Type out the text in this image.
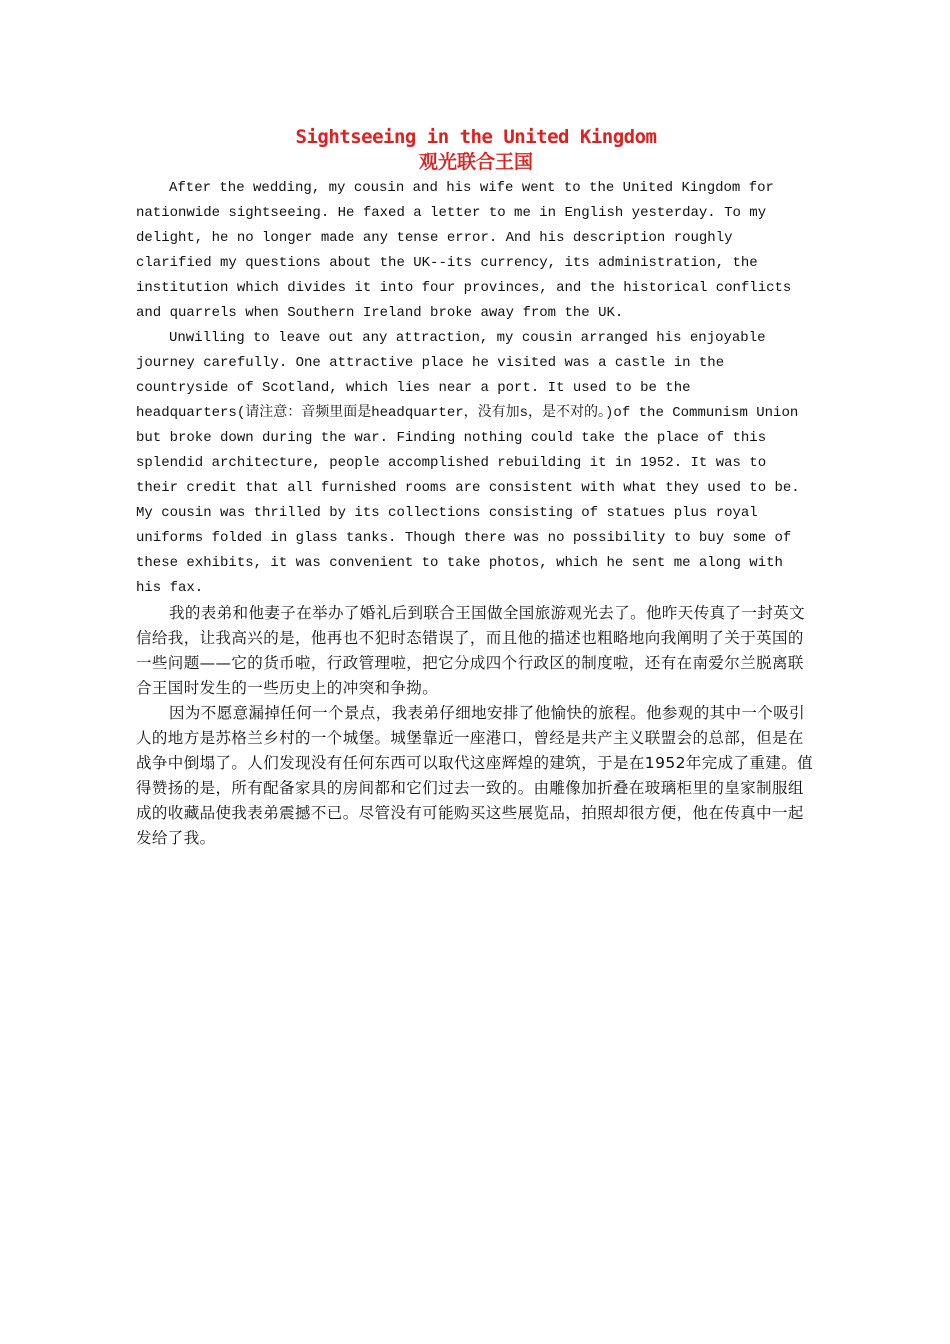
Sightseeing in the United Kingdom
观光联合王国

After the wedding, my cousin and his wife went to the United Kingdom for nationwide sightseeing. He faxed a letter to me in English yesterday. To my delight, he no longer made any tense error. And his description roughly clarified my questions about the UK--its currency, its administration, the institution which divides it into four provinces, and the historical conflicts and quarrels when Southern Ireland broke away from the UK.

Unwilling to leave out any attraction, my cousin arranged his enjoyable journey carefully. One attractive place he visited was a castle in the countryside of Scotland, which lies near a port. It used to be the headquarters(请注意：音频里面是headquarter，没有加s，是不对的。)of the Communism Union but broke down during the war. Finding nothing could take the place of this splendid architecture, people accomplished rebuilding it in 1952. It was to their credit that all furnished rooms are consistent with what they used to be. My cousin was thrilled by its collections consisting of statues plus royal uniforms folded in glass tanks. Though there was no possibility to buy some of these exhibits, it was convenient to take photos, which he sent me along with his fax.

我的表弟和他妻子在举办了婚礼后到联合王国做全国旅游观光去了。他昨天传真了一封英文信给我，让我高兴的是，他再也不犯时态错误了，而且他的描述也粗略地向我阐明了关于英国的一些问题——它的货币啦，行政管理啦，把它分成四个行政区的制度啦，还有在南爱尔兰脱离联合王国时发生的一些历史上的冲突和争拗。

因为不愿意漏掉任何一个景点，我表弟仔细地安排了他愉快的旅程。他参观的其中一个吸引人的地方是苏格兰乡村的一个城堡。城堡靠近一座港口，曾经是共产主义联盟会的总部，但是在战争中倒塌了。人们发现没有任何东西可以取代这座辉煌的建筑，于是在1952年完成了重建。值得赞扬的是，所有配备家具的房间都和它们过去一致的。由雕像加折叠在玻璃柜里的皇家制服组成的收藏品使我表弟震撼不已。尽管没有可能购买这些展览品，拍照却很方便，他在传真中一起发给了我。
